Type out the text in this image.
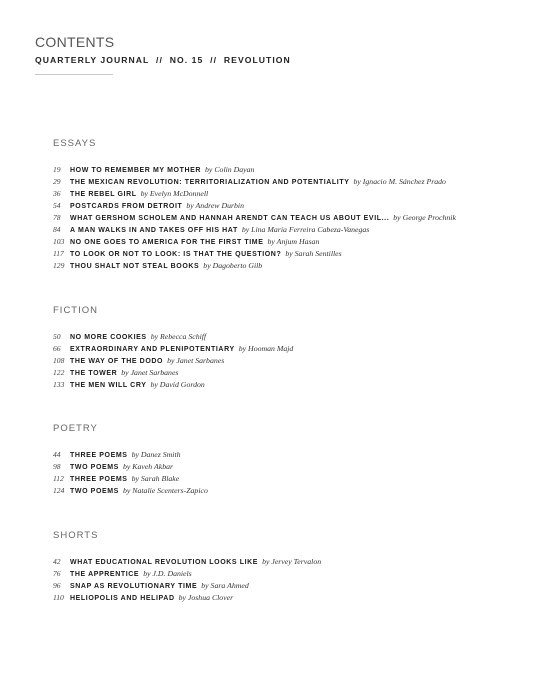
CONTENTS
QUARTERLY JOURNAL  //  NO. 15  //  REVOLUTION
ESSAYS
19 HOW TO REMEMBER MY MOTHER by Colin Dayan
29 THE MEXICAN REVOLUTION: TERRITORIALIZATION AND POTENTIALITY by Ignacio M. Sánchez Prado
36 THE REBEL GIRL by Evelyn McDonnell
54 POSTCARDS FROM DETROIT by Andrew Durbin
78 WHAT GERSHOM SCHOLEM AND HANNAH ARENDT CAN TEACH US ABOUT EVIL... by George Prochnik
84 A MAN WALKS IN AND TAKES OFF HIS HAT by Lina María Ferreira Cabeza-Vanegas
103 NO ONE GOES TO AMERICA FOR THE FIRST TIME by Anjum Hasan
117 TO LOOK OR NOT TO LOOK: IS THAT THE QUESTION? by Sarah Sentilles
129 THOU SHALT NOT STEAL BOOKS by Dagoberto Gilb
FICTION
50 NO MORE COOKIES by Rebecca Schiff
66 EXTRAORDINARY AND PLENIPOTENTIARY by Hooman Majd
108 THE WAY OF THE DODO by Janet Sarbanes
122 THE TOWER by Janet Sarbanes
133 THE MEN WILL CRY by David Gordon
POETRY
44 THREE POEMS by Danez Smith
98 TWO POEMS by Kaveh Akbar
112 THREE POEMS by Sarah Blake
124 TWO POEMS by Natalie Scenters-Zapico
SHORTS
42 WHAT EDUCATIONAL REVOLUTION LOOKS LIKE by Jervey Tervalon
76 THE APPRENTICE by J.D. Daniels
96 SNAP AS REVOLUTIONARY TIME by Sara Ahmed
110 HELIOPOLIS AND HELIPAD by Joshua Clover
